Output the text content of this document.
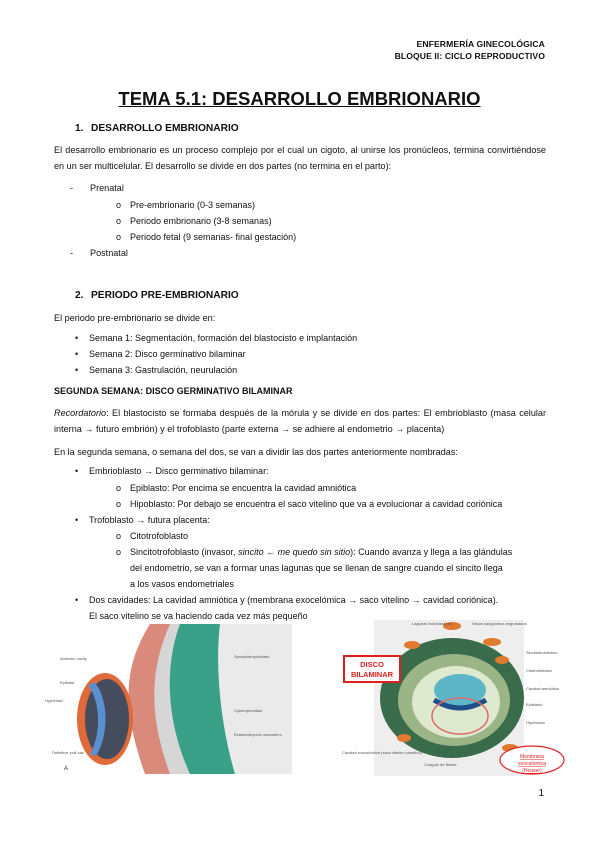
ENFERMERÍA GINECOLÓGICA
BLOQUE II: CICLO REPRODUCTIVO
TEMA 5.1: DESARROLLO EMBRIONARIO
1. DESARROLLO EMBRIONARIO
El desarrollo embrionario es un proceso complejo por el cual un cigoto, al unirse los pronúcleos, termina convirtiéndose en un ser multicelular. El desarrollo se divide en dos partes (no termina en el parto):
- Prenatal
o Pre-embrionario (0-3 semanas)
o Periodo embrionario (3-8 semanas)
o Periodo fetal (9 semanas- final gestación)
- Postnatal
2. PERIODO PRE-EMBRIONARIO
El periodo pre-embrionario se divide en:
• Semana 1: Segmentación, formación del blastocisto e implantación
• Semana 2: Disco germinativo bilaminar
• Semana 3: Gastrulación, neurulación
SEGUNDA SEMANA: DISCO GERMINATIVO BILAMINAR
Recordatorio: El blastocisto se formaba después de la mórula y se divide en dos partes: El embrioblasto (masa celular interna → futuro embrión) y el trofoblasto (parte externa → se adhiere al endometrio → placenta)
En la segunda semana, o semana del dos, se van a dividir las dos partes anteriormente nombradas:
• Embrioblasto → Disco germinativo bilaminar:
o Epiblasto: Por encima se encuentra la cavidad amniótica
o Hipoblasto: Por debajo se encuentra el saco vitelino que va a evolucionar a cavidad coriónica
• Trofoblasto → futura placenta:
o Citotrofoblasto
o Sincitotrofoblasto (invasor, sincito ← me quedo sin sitio): Cuando avanza y llega a las glándulas
del endometrio, se van a formar unas lagunas que se llenan de sangre cuando el sincito llega
a los vasos endometriales
• Dos cavidades: La cavidad amniótica y (membrana exocelómica → saco vitelino → cavidad coriónica).
El saco vitelino se va haciendo cada vez más pequeño
Amniotic cavity
Epiblast
Hypoblast
Definitive yolk sac
Syncytiotrophoblast
Cytotrophoblast
Extraembryonic mesoderm
A
DISCO
BILAMINAR
Lagunas trofoblásticas	Vasos sanguíneos engrosados
Sincitiotrofoblasto
Citotrofoblasto
Cavidad amniótica
Epiblasto
Hipoblasto
Cavidad exocelómica (saco vitelino primitivo)
Coágulo de fibrina
Membrana
exocelómica
(Heuser)
1
